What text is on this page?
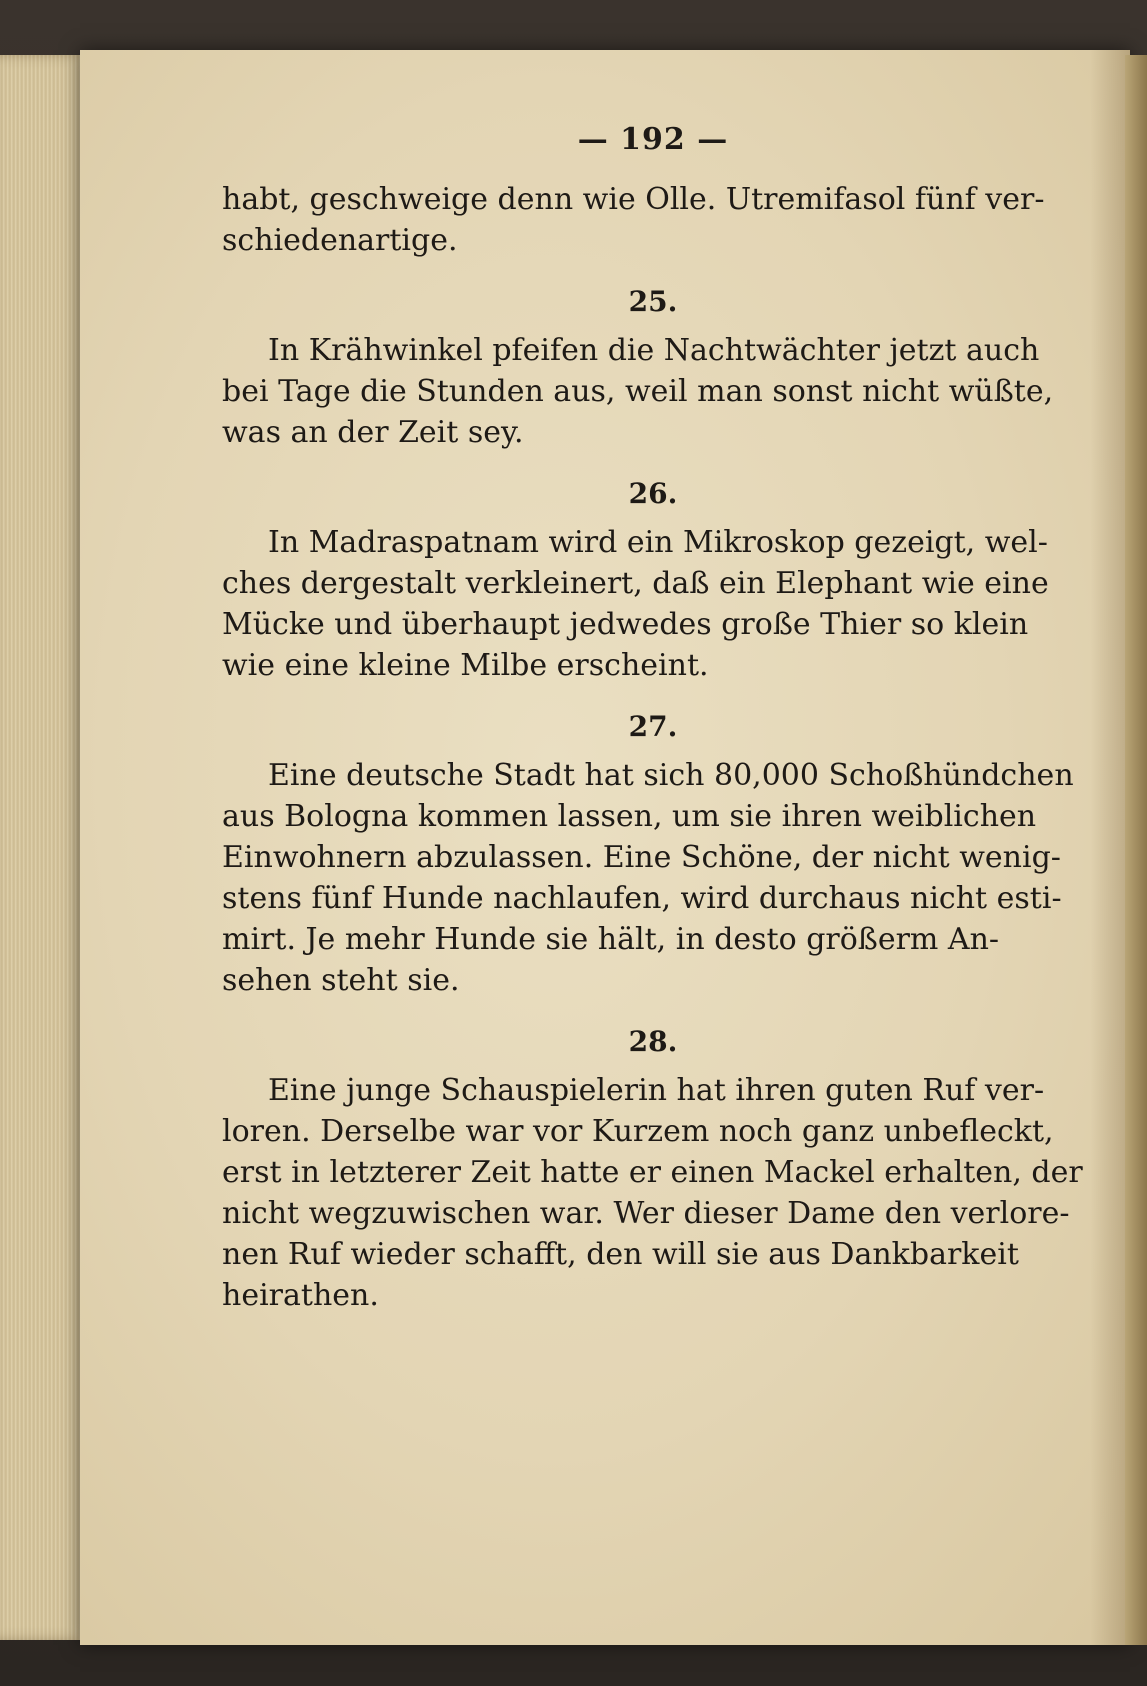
— 192 —

habt, geschweige denn wie Olle. Utremifasol fünf ver-
schiedenartige.

25.

In Krähwinkel pfeifen die Nachtwächter jetzt auch
bei Tage die Stunden aus, weil man sonst nicht wüßte,
was an der Zeit sey.

26.

In Madraspatnam wird ein Mikroskop gezeigt, wel-
ches dergestalt verkleinert, daß ein Elephant wie eine
Mücke und überhaupt jedwedes große Thier so klein
wie eine kleine Milbe erscheint.

27.

Eine deutsche Stadt hat sich 80,000 Schoßhündchen
aus Bologna kommen lassen, um sie ihren weiblichen
Einwohnern abzulassen. Eine Schöne, der nicht wenig-
stens fünf Hunde nachlaufen, wird durchaus nicht esti-
mirt. Je mehr Hunde sie hält, in desto größerm An-
sehen steht sie.

28.

Eine junge Schauspielerin hat ihren guten Ruf ver-
loren. Derselbe war vor Kurzem noch ganz unbefleckt,
erst in letzterer Zeit hatte er einen Mackel erhalten, der
nicht wegzuwischen war. Wer dieser Dame den verlore-
nen Ruf wieder schafft, den will sie aus Dankbarkeit
heirathen.
